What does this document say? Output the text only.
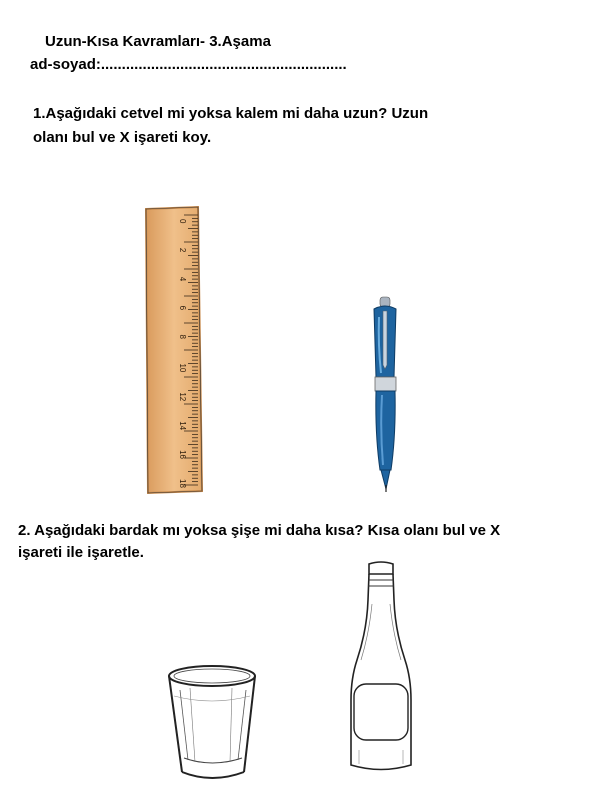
Uzun-Kısa Kavramları- 3.Aşama
ad-soyad:...........................................................
1.Aşağıdaki cetvel mi yoksa kalem mi daha uzun? Uzun
olanı bul ve X işareti koy.
0
2
4
6
8
10
12
14
16
18
2. Aşağıdaki bardak mı yoksa şişe mi daha kısa? Kısa olanı bul ve X
işareti ile işaretle.
